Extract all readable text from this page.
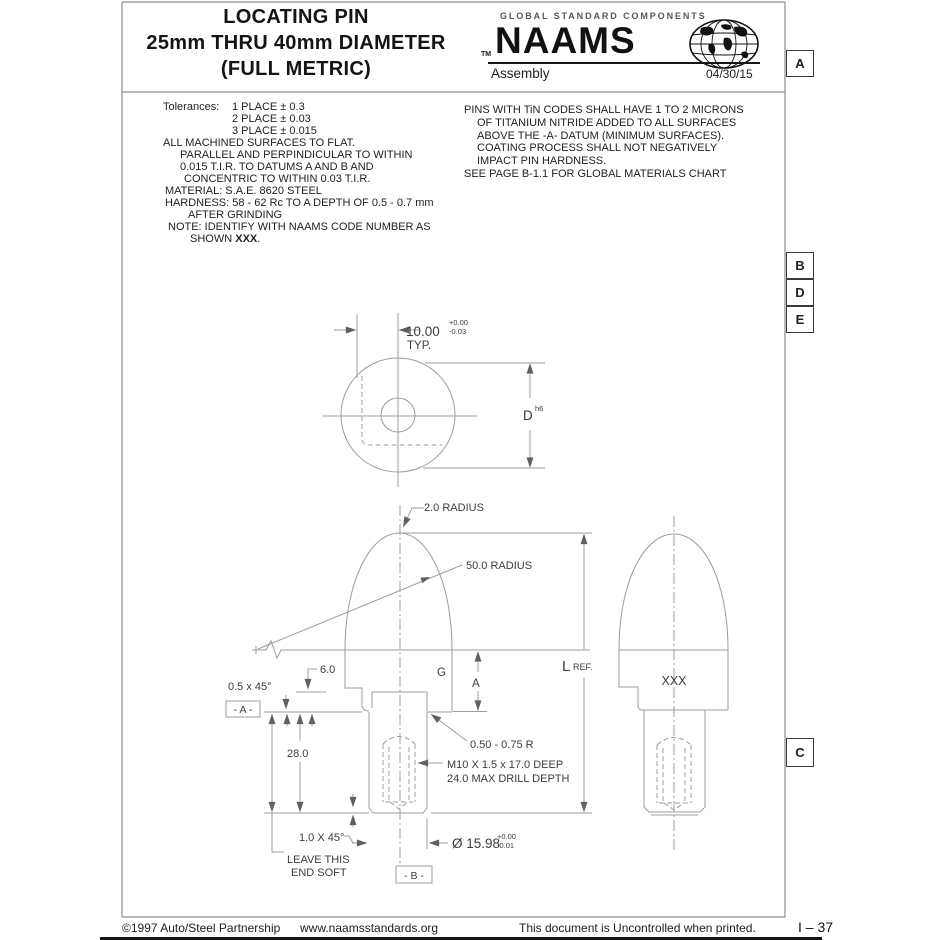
10.00
+0.00
-0.03
TYP.
D h6
2.0 RADIUS
50.0 RADIUS
6.0
0.5 x 45°
G
A
L REF.
28.0
0.50 - 0.75 R
M10 X 1.5 x 17.0 DEEP
24.0 MAX DRILL DEPTH
1.0 X 45°	Ø 15.98
+0.00
-0.01
LEAVE THIS
END SOFT
- A -
- B -
XXX
LOCATING PIN
25mm THRU 40mm DIAMETER
(FULL METRIC)
GLOBAL STANDARD COMPONENTS
TM NAAMS
Assembly	04/30/15
A
B
D
E
C
Tolerances:	1 PLACE ± 0.3
2 PLACE ± 0.03
3 PLACE ± 0.015
ALL MACHINED SURFACES TO FLAT.
PARALLEL AND PERPINDICULAR TO WITHIN
0.015 T.I.R. TO DATUMS A AND B AND
CONCENTRIC TO WITHIN 0.03 T.I.R.
MATERIAL: S.A.E. 8620 STEEL
HARDNESS: 58 - 62 Rc TO A DEPTH OF 0.5 - 0.7 mm
AFTER GRINDING
NOTE: IDENTIFY WITH NAAMS CODE NUMBER AS
SHOWN XXX.
PINS WITH TiN CODES SHALL HAVE 1 TO 2 MICRONS
OF TITANIUM NITRIDE ADDED TO ALL SURFACES
ABOVE THE -A- DATUM (MINIMUM SURFACES).
COATING PROCESS SHALL NOT NEGATIVELY
IMPACT PIN HARDNESS.
SEE PAGE B-1.1 FOR GLOBAL MATERIALS CHART
©1997 Auto/Steel Partnership www.naamsstandards.org	This document is Uncontrolled when printed.	I – 37
